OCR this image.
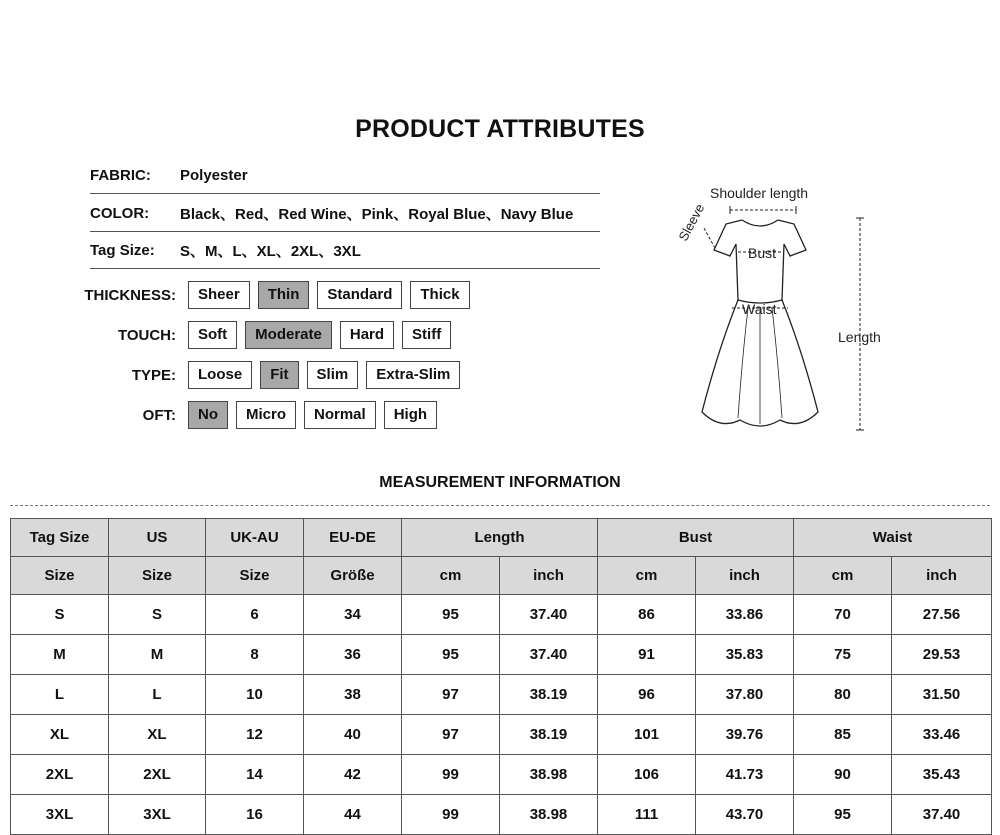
PRODUCT ATTRIBUTES
FABRIC:	Polyester
COLOR:	Black、Red、Red Wine、Pink、Royal Blue、Navy Blue
Tag Size:	S、M、L、XL、2XL、3XL
THICKNESS:	Sheer	Thin	Standard	Thick
TOUCH:	Soft	Moderate	Hard	Stiff
TYPE:	Loose	Fit	Slim	Extra-Slim
OFT:	No	Micro	Normal	High
Shoulder length
Sleeve
Bust
Waist
Length
MEASUREMENT INFORMATION
Tag Size	US	UK-AU	EU-DE	Length		Bust		Waist	
Size	Size	Size	Größe	cm	inch	cm	inch	cm	inch
S	S	6	34	95	37.40	86	33.86	70	27.56
M	M	8	36	95	37.40	91	35.83	75	29.53
L	L	10	38	97	38.19	96	37.80	80	31.50
XL	XL	12	40	97	38.19	101	39.76	85	33.46
2XL	2XL	14	42	99	38.98	106	41.73	90	35.43
3XL	3XL	16	44	99	38.98	111	43.70	95	37.40
